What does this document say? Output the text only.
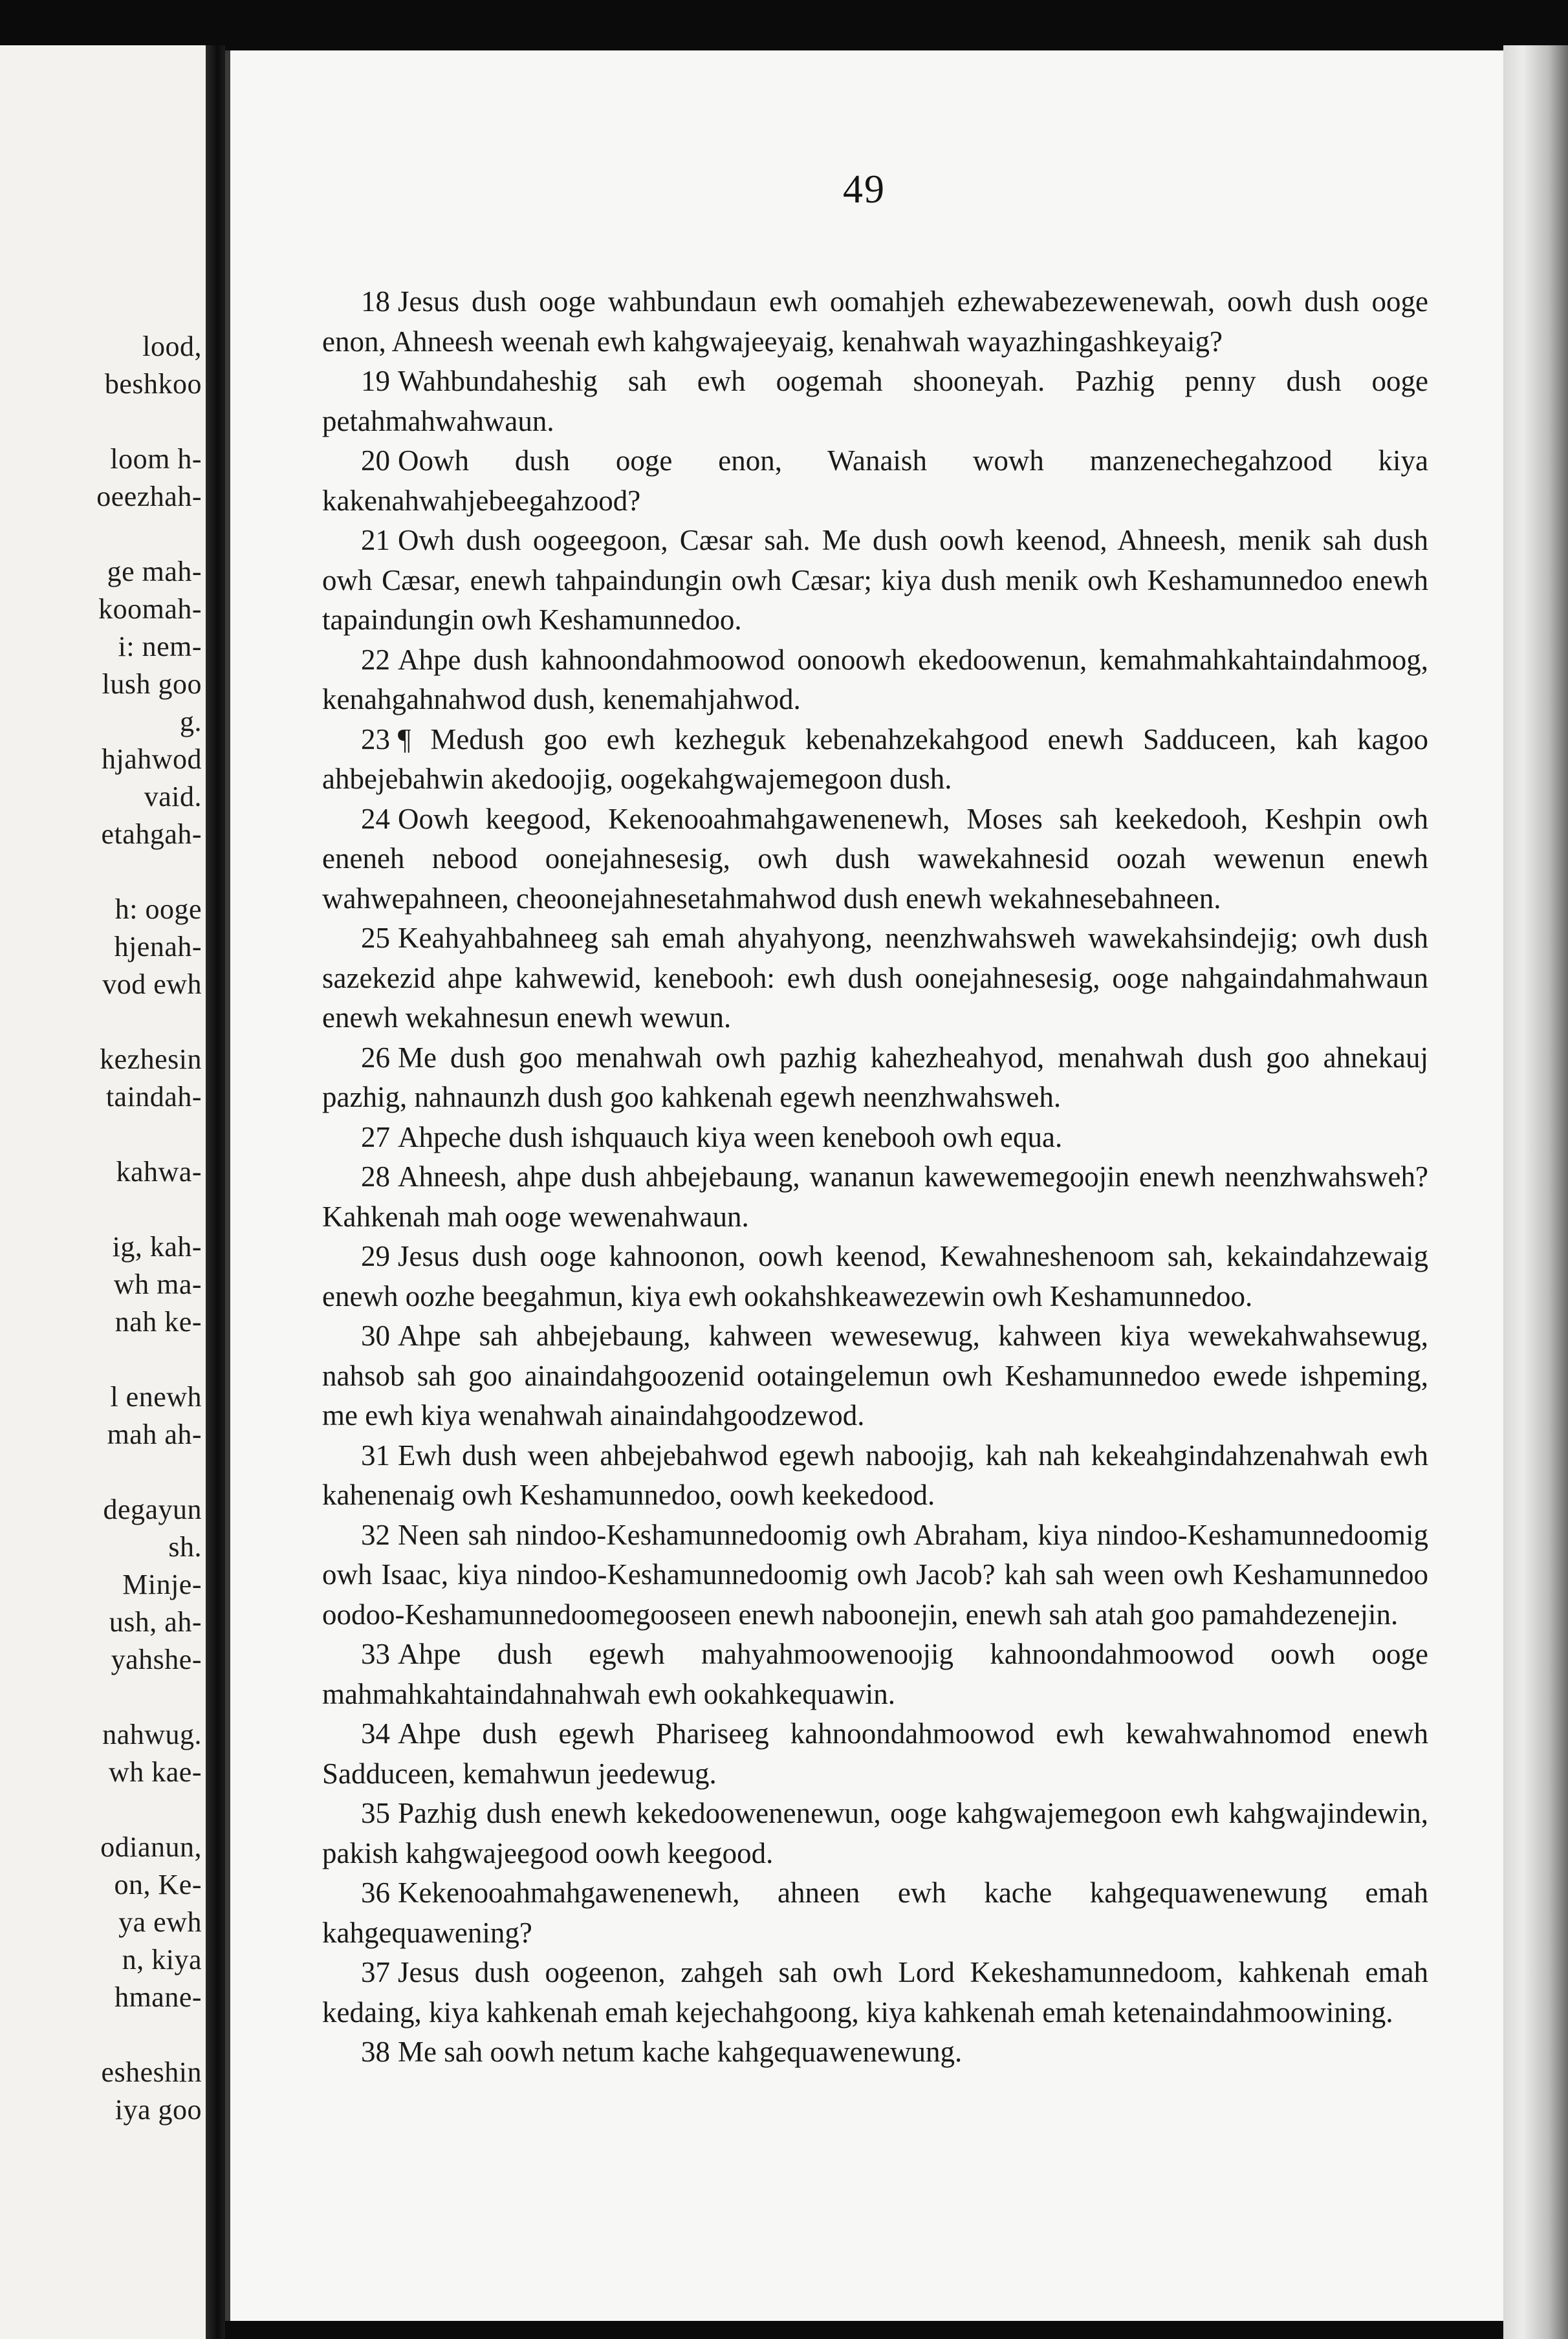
lood,
beshkoo
loom h-
oeezhah-
ge mah-
koomah-
i: nem-
lush goo
g.
hjahwod
vaid.
etahgah-
h: ooge
hjenah-
vod ewh
kezhesin
taindah-
kahwa-
ig, kah-
wh ma-
nah ke-
l enewh
mah ah-
degayun
sh.
Minje-
ush, ah-
yahshe-
nahwug.
wh kae-
odianun,
on, Ke-
ya ewh
n, kiya
hmane-
esheshin
iya goo
49

18 Jesus dush ooge wahbundaun ewh oomahjeh ezhewabezewenewah, oowh dush ooge enon, Ahneesh weenah ewh kahgwajeeyaig, kenahwah wayazhingashkeyaig?

19 Wahbundaheshig sah ewh oogemah shooneyah. Pazhig penny dush ooge petahmahwahwaun.

20 Oowh dush ooge enon, Wanaish wowh manzenechegahzood kiya kakenahwahjebeegahzood?

21 Owh dush oogeegoon, Cæsar sah. Me dush oowh keenod, Ahneesh, menik sah dush owh Cæsar, enewh tahpaindungin owh Cæsar; kiya dush menik owh Keshamunnedoo enewh tapaindungin owh Keshamunnedoo.

22 Ahpe dush kahnoondahmoowod oonoowh ekedoowenun, kemahmahkahtaindahmoog, kenahgahnahwod dush, kenemahjahwod.

23 ¶ Medush goo ewh kezheguk kebenahzekahgood enewh Sadduceen, kah kagoo ahbejebahwin akedoojig, oogekahgwajemegoon dush.

24 Oowh keegood, Kekenooahmahgawenenewh, Moses sah keekedooh, Keshpin owh eneneh nebood oonejahnesesig, owh dush wawekahnesid oozah wewenun enewh wahwepahneen, cheoonejahnesetahmahwod dush enewh wekahnesebahneen.

25 Keahyahbahneeg sah emah ahyahyong, neenzhwahsweh wawekahsindejig; owh dush sazekezid ahpe kahwewid, kenebooh: ewh dush oonejahnesesig, ooge nahgaindahmahwaun enewh wekahnesun enewh wewun.

26 Me dush goo menahwah owh pazhig kahezheahyod, menahwah dush goo ahnekauj pazhig, nahnaunzh dush goo kahkenah egewh neenzhwahsweh.

27 Ahpeche dush ishquauch kiya ween kenebooh owh equa.

28 Ahneesh, ahpe dush ahbejebaung, wananun kawewemegoojin enewh neenzhwahsweh? Kahkenah mah ooge wewenahwaun.

29 Jesus dush ooge kahnoonon, oowh keenod, Kewahneshenoom sah, kekaindahzewaig enewh oozhe beegahmun, kiya ewh ookahshkeawezewin owh Keshamunnedoo.

30 Ahpe sah ahbejebaung, kahween wewesewug, kahween kiya wewekahwahsewug, nahsob sah goo ainaindahgoozenid ootaingelemun owh Keshamunnedoo ewede ishpeming, me ewh kiya wenahwah ainaindahgoodzewod.

31 Ewh dush ween ahbejebahwod egewh naboojig, kah nah kekeahgindahzenahwah ewh kahenenaig owh Keshamunnedoo, oowh keekedood.

32 Neen sah nindoo-Keshamunnedoomig owh Abraham, kiya nindoo-Keshamunnedoomig owh Isaac, kiya nindoo-Keshamunnedoomig owh Jacob? kah sah ween owh Keshamunnedoo oodoo-Keshamunnedoomegooseen enewh naboonejin, enewh sah atah goo pamahdezenejin.

33 Ahpe dush egewh mahyahmoowenoojig kahnoondahmoowod oowh ooge mahmahkahtaindahnahwah ewh ookahkequawin.

34 Ahpe dush egewh Phariseeg kahnoondahmoowod ewh kewahwahnomod enewh Sadduceen, kemahwun jeedewug.

35 Pazhig dush enewh kekedoowenenewun, ooge kahgwajemegoon ewh kahgwajindewin, pakish kahgwajeegood oowh keegood.

36 Kekenooahmahgawenenewh, ahneen ewh kache kahgequawenewung emah kahgequawening?

37 Jesus dush oogeenon, zahgeh sah owh Lord Kekeshamunnedoom, kahkenah emah kedaing, kiya kahkenah emah kejechahgoong, kiya kahkenah emah ketenaindahmoowining.

38 Me sah oowh netum kache kahgequawenewung.
